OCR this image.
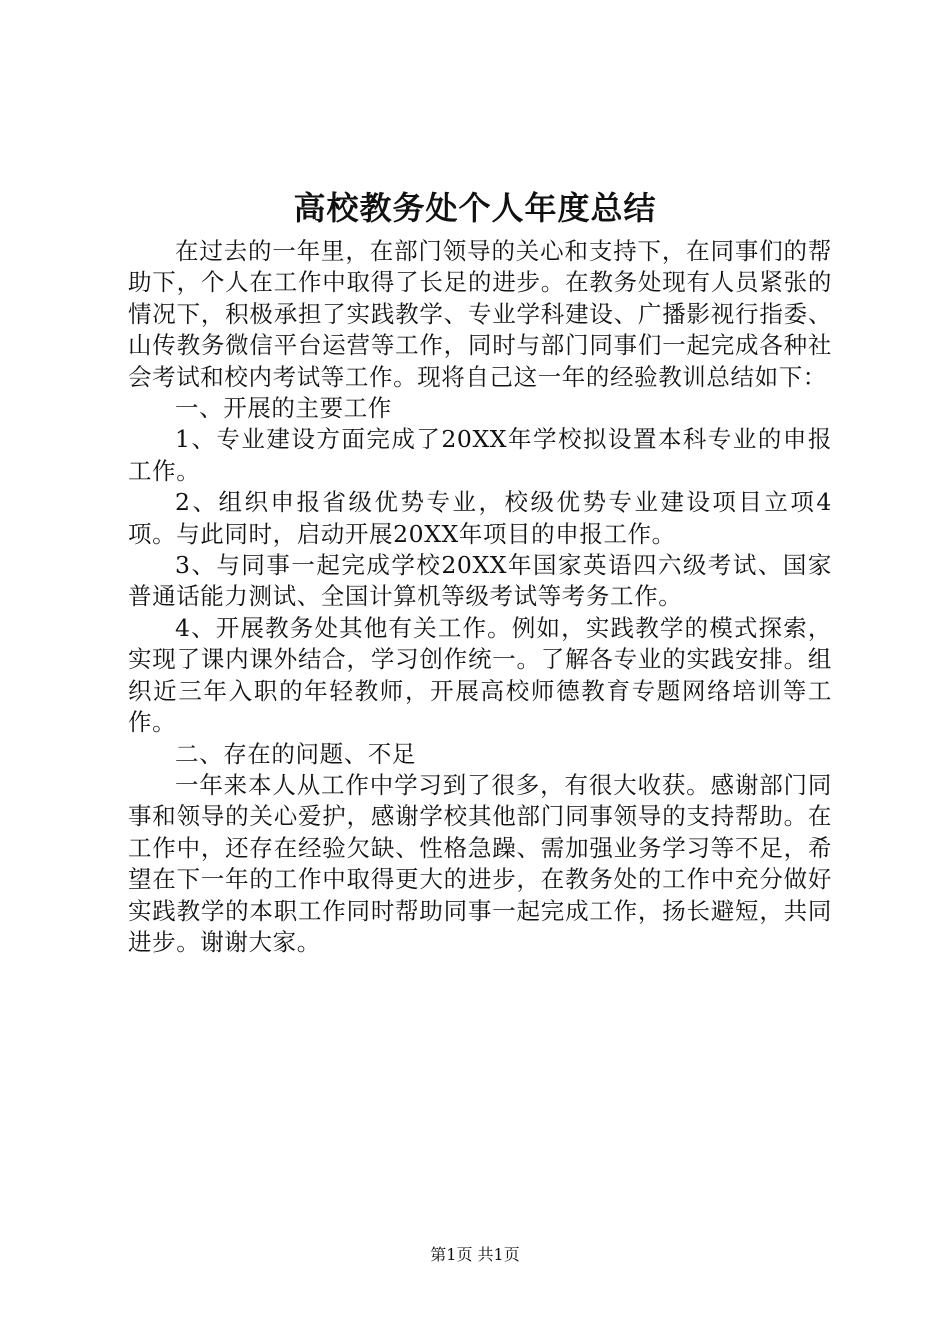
高校教务处个人年度总结

在过去的一年里，在部门领导的关心和支持下，在同事们的帮助下，个人在工作中取得了长足的进步。在教务处现有人员紧张的情况下，积极承担了实践教学、专业学科建设、广播影视行指委、山传教务微信平台运营等工作，同时与部门同事们一起完成各种社会考试和校内考试等工作。现将自己这一年的经验教训总结如下：

一、开展的主要工作

1、专业建设方面完成了20XX年学校拟设置本科专业的申报工作。

2、组织申报省级优势专业，校级优势专业建设项目立项4项。与此同时，启动开展20XX年项目的申报工作。

3、与同事一起完成学校20XX年国家英语四六级考试、国家普通话能力测试、全国计算机等级考试等考务工作。

4、开展教务处其他有关工作。例如，实践教学的模式探索，实现了课内课外结合，学习创作统一。了解各专业的实践安排。组织近三年入职的年轻教师，开展高校师德教育专题网络培训等工作。

二、存在的问题、不足

一年来本人从工作中学习到了很多，有很大收获。感谢部门同事和领导的关心爱护，感谢学校其他部门同事领导的支持帮助。在工作中，还存在经验欠缺、性格急躁、需加强业务学习等不足，希望在下一年的工作中取得更大的进步，在教务处的工作中充分做好实践教学的本职工作同时帮助同事一起完成工作，扬长避短，共同进步。谢谢大家。

第1页 共1页
